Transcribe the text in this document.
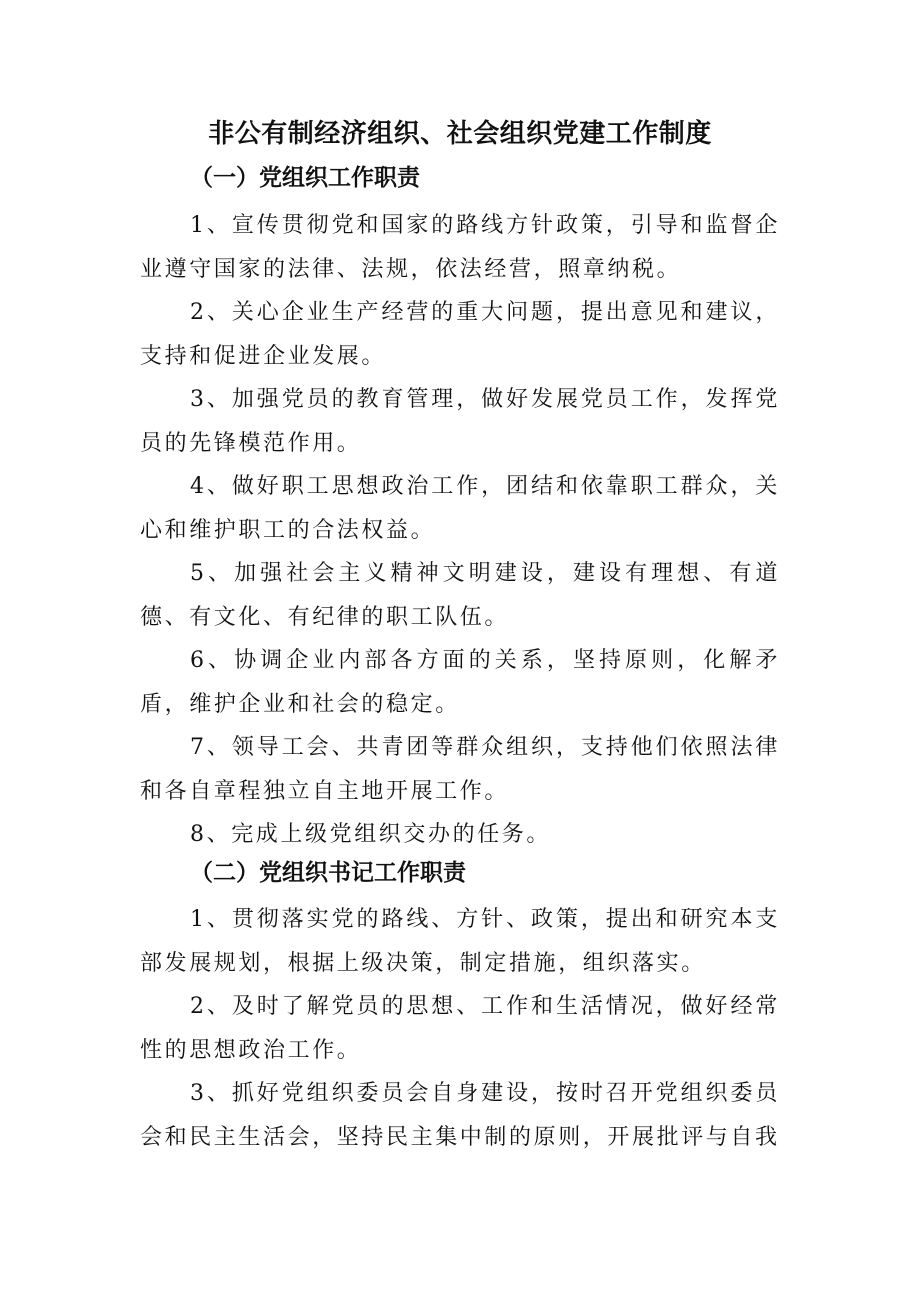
非公有制经济组织、社会组织党建工作制度
（一）党组织工作职责

1、宣传贯彻党和国家的路线方针政策，引导和监督企业遵守国家的法律、法规，依法经营，照章纳税。

2、关心企业生产经营的重大问题，提出意见和建议，支持和促进企业发展。

3、加强党员的教育管理，做好发展党员工作，发挥党员的先锋模范作用。

4、做好职工思想政治工作，团结和依靠职工群众，关心和维护职工的合法权益。

5、加强社会主义精神文明建设，建设有理想、有道德、有文化、有纪律的职工队伍。

6、协调企业内部各方面的关系，坚持原则，化解矛盾，维护企业和社会的稳定。

7、领导工会、共青团等群众组织，支持他们依照法律和各自章程独立自主地开展工作。

8、完成上级党组织交办的任务。

（二）党组织书记工作职责

1、贯彻落实党的路线、方针、政策，提出和研究本支部发展规划，根据上级决策，制定措施，组织落实。

2、及时了解党员的思想、工作和生活情况，做好经常性的思想政治工作。

3、抓好党组织委员会自身建设，按时召开党组织委员会和民主生活会，坚持民主集中制的原则，开展批评与自我
